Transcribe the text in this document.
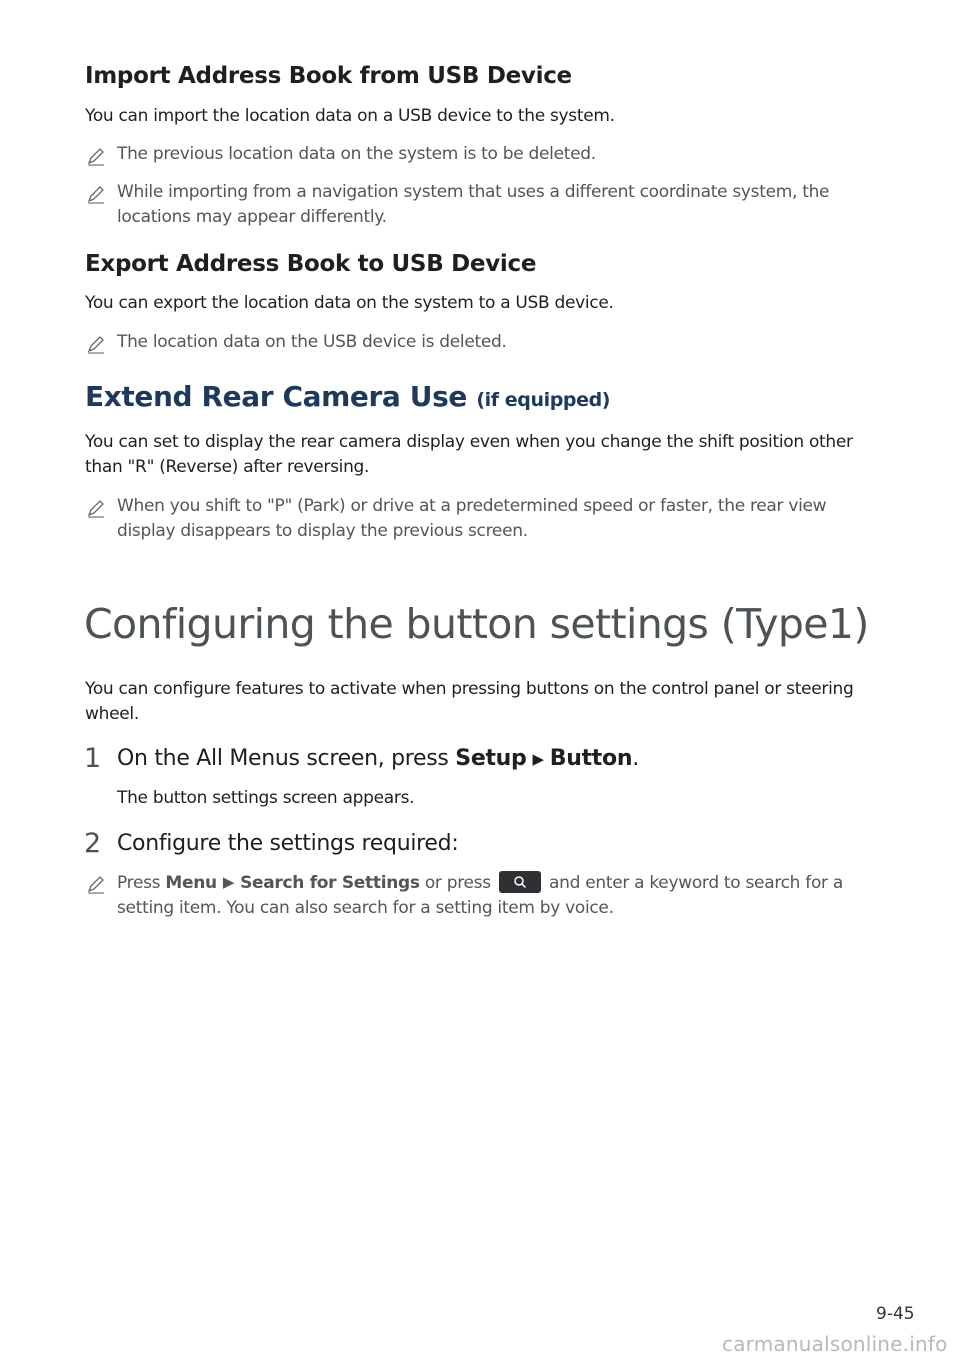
Import Address Book from USB Device
You can import the location data on a USB device to the system.
The previous location data on the system is to be deleted.
While importing from a navigation system that uses a different coordinate system, the
locations may appear differently.
Export Address Book to USB Device
You can export the location data on the system to a USB device.
The location data on the USB device is deleted.
Extend Rear Camera Use (if equipped)
You can set to display the rear camera display even when you change the shift position other
than "R" (Reverse) after reversing.
When you shift to "P" (Park) or drive at a predetermined speed or faster, the rear view
display disappears to display the previous screen.
Configuring the button settings (Type1)
You can configure features to activate when pressing buttons on the control panel or steering
wheel.
1 On the All Menus screen, press Setup ▶ Button.
The button settings screen appears.
2 Configure the settings required:
Press Menu ▶ Search for Settings or press	and enter a keyword to search for a
setting item. You can also search for a setting item by voice.
9-45
carmanualsonline.info
